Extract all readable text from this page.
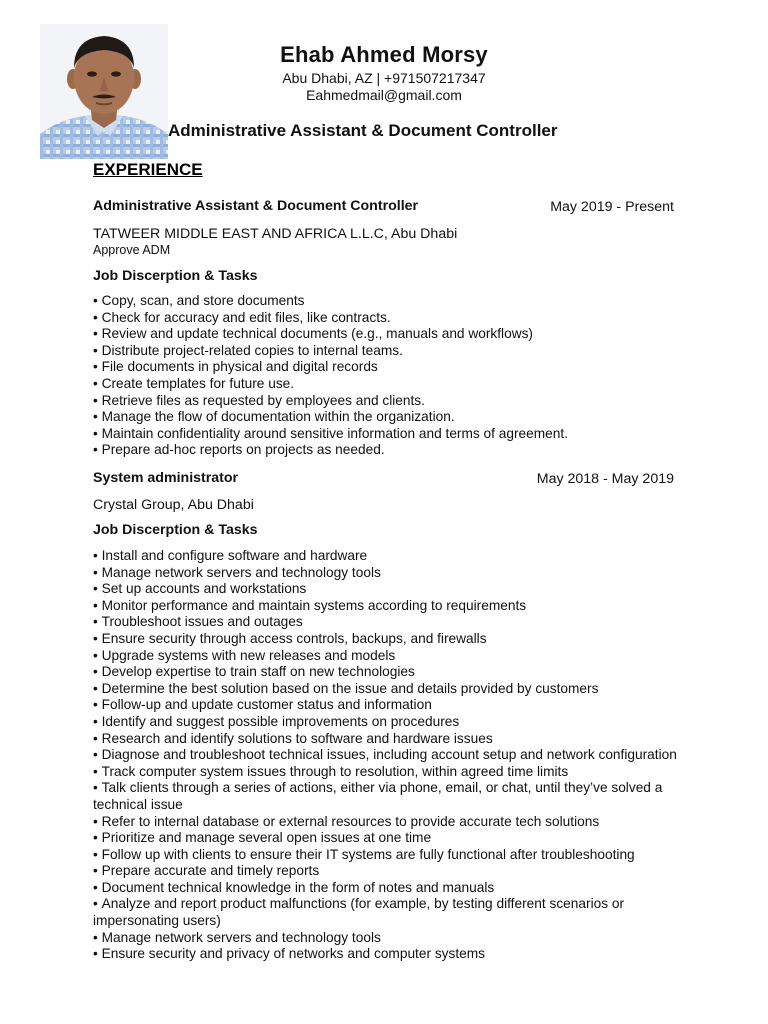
Ehab Ahmed Morsy
Abu Dhabi, AZ | +971507217347
Eahmedmail@gmail.com
Administrative Assistant & Document Controller
EXPERIENCE
Administrative Assistant & Document Controller	May 2019 - Present
TATWEER MIDDLE EAST AND AFRICA L.L.C, Abu Dhabi
Approve ADM
Job Discerption & Tasks
• Copy, scan, and store documents
• Check for accuracy and edit files, like contracts.
• Review and update technical documents (e.g., manuals and workflows)
• Distribute project-related copies to internal teams.
• File documents in physical and digital records
• Create templates for future use.
• Retrieve files as requested by employees and clients.
• Manage the flow of documentation within the organization.
• Maintain confidentiality around sensitive information and terms of agreement.
• Prepare ad-hoc reports on projects as needed.
System administrator	May 2018 - May 2019
Crystal Group, Abu Dhabi
Job Discerption & Tasks
• Install and configure software and hardware
• Manage network servers and technology tools
• Set up accounts and workstations
• Monitor performance and maintain systems according to requirements
• Troubleshoot issues and outages
• Ensure security through access controls, backups, and firewalls
• Upgrade systems with new releases and models
• Develop expertise to train staff on new technologies
• Determine the best solution based on the issue and details provided by customers
• Follow-up and update customer status and information
• Identify and suggest possible improvements on procedures
• Research and identify solutions to software and hardware issues
• Diagnose and troubleshoot technical issues, including account setup and network configuration
• Track computer system issues through to resolution, within agreed time limits
• Talk clients through a series of actions, either via phone, email, or chat, until they’ve solved a technical issue
• Refer to internal database or external resources to provide accurate tech solutions
• Prioritize and manage several open issues at one time
• Follow up with clients to ensure their IT systems are fully functional after troubleshooting
• Prepare accurate and timely reports
• Document technical knowledge in the form of notes and manuals
• Analyze and report product malfunctions (for example, by testing different scenarios or impersonating users)
• Manage network servers and technology tools
• Ensure security and privacy of networks and computer systems
